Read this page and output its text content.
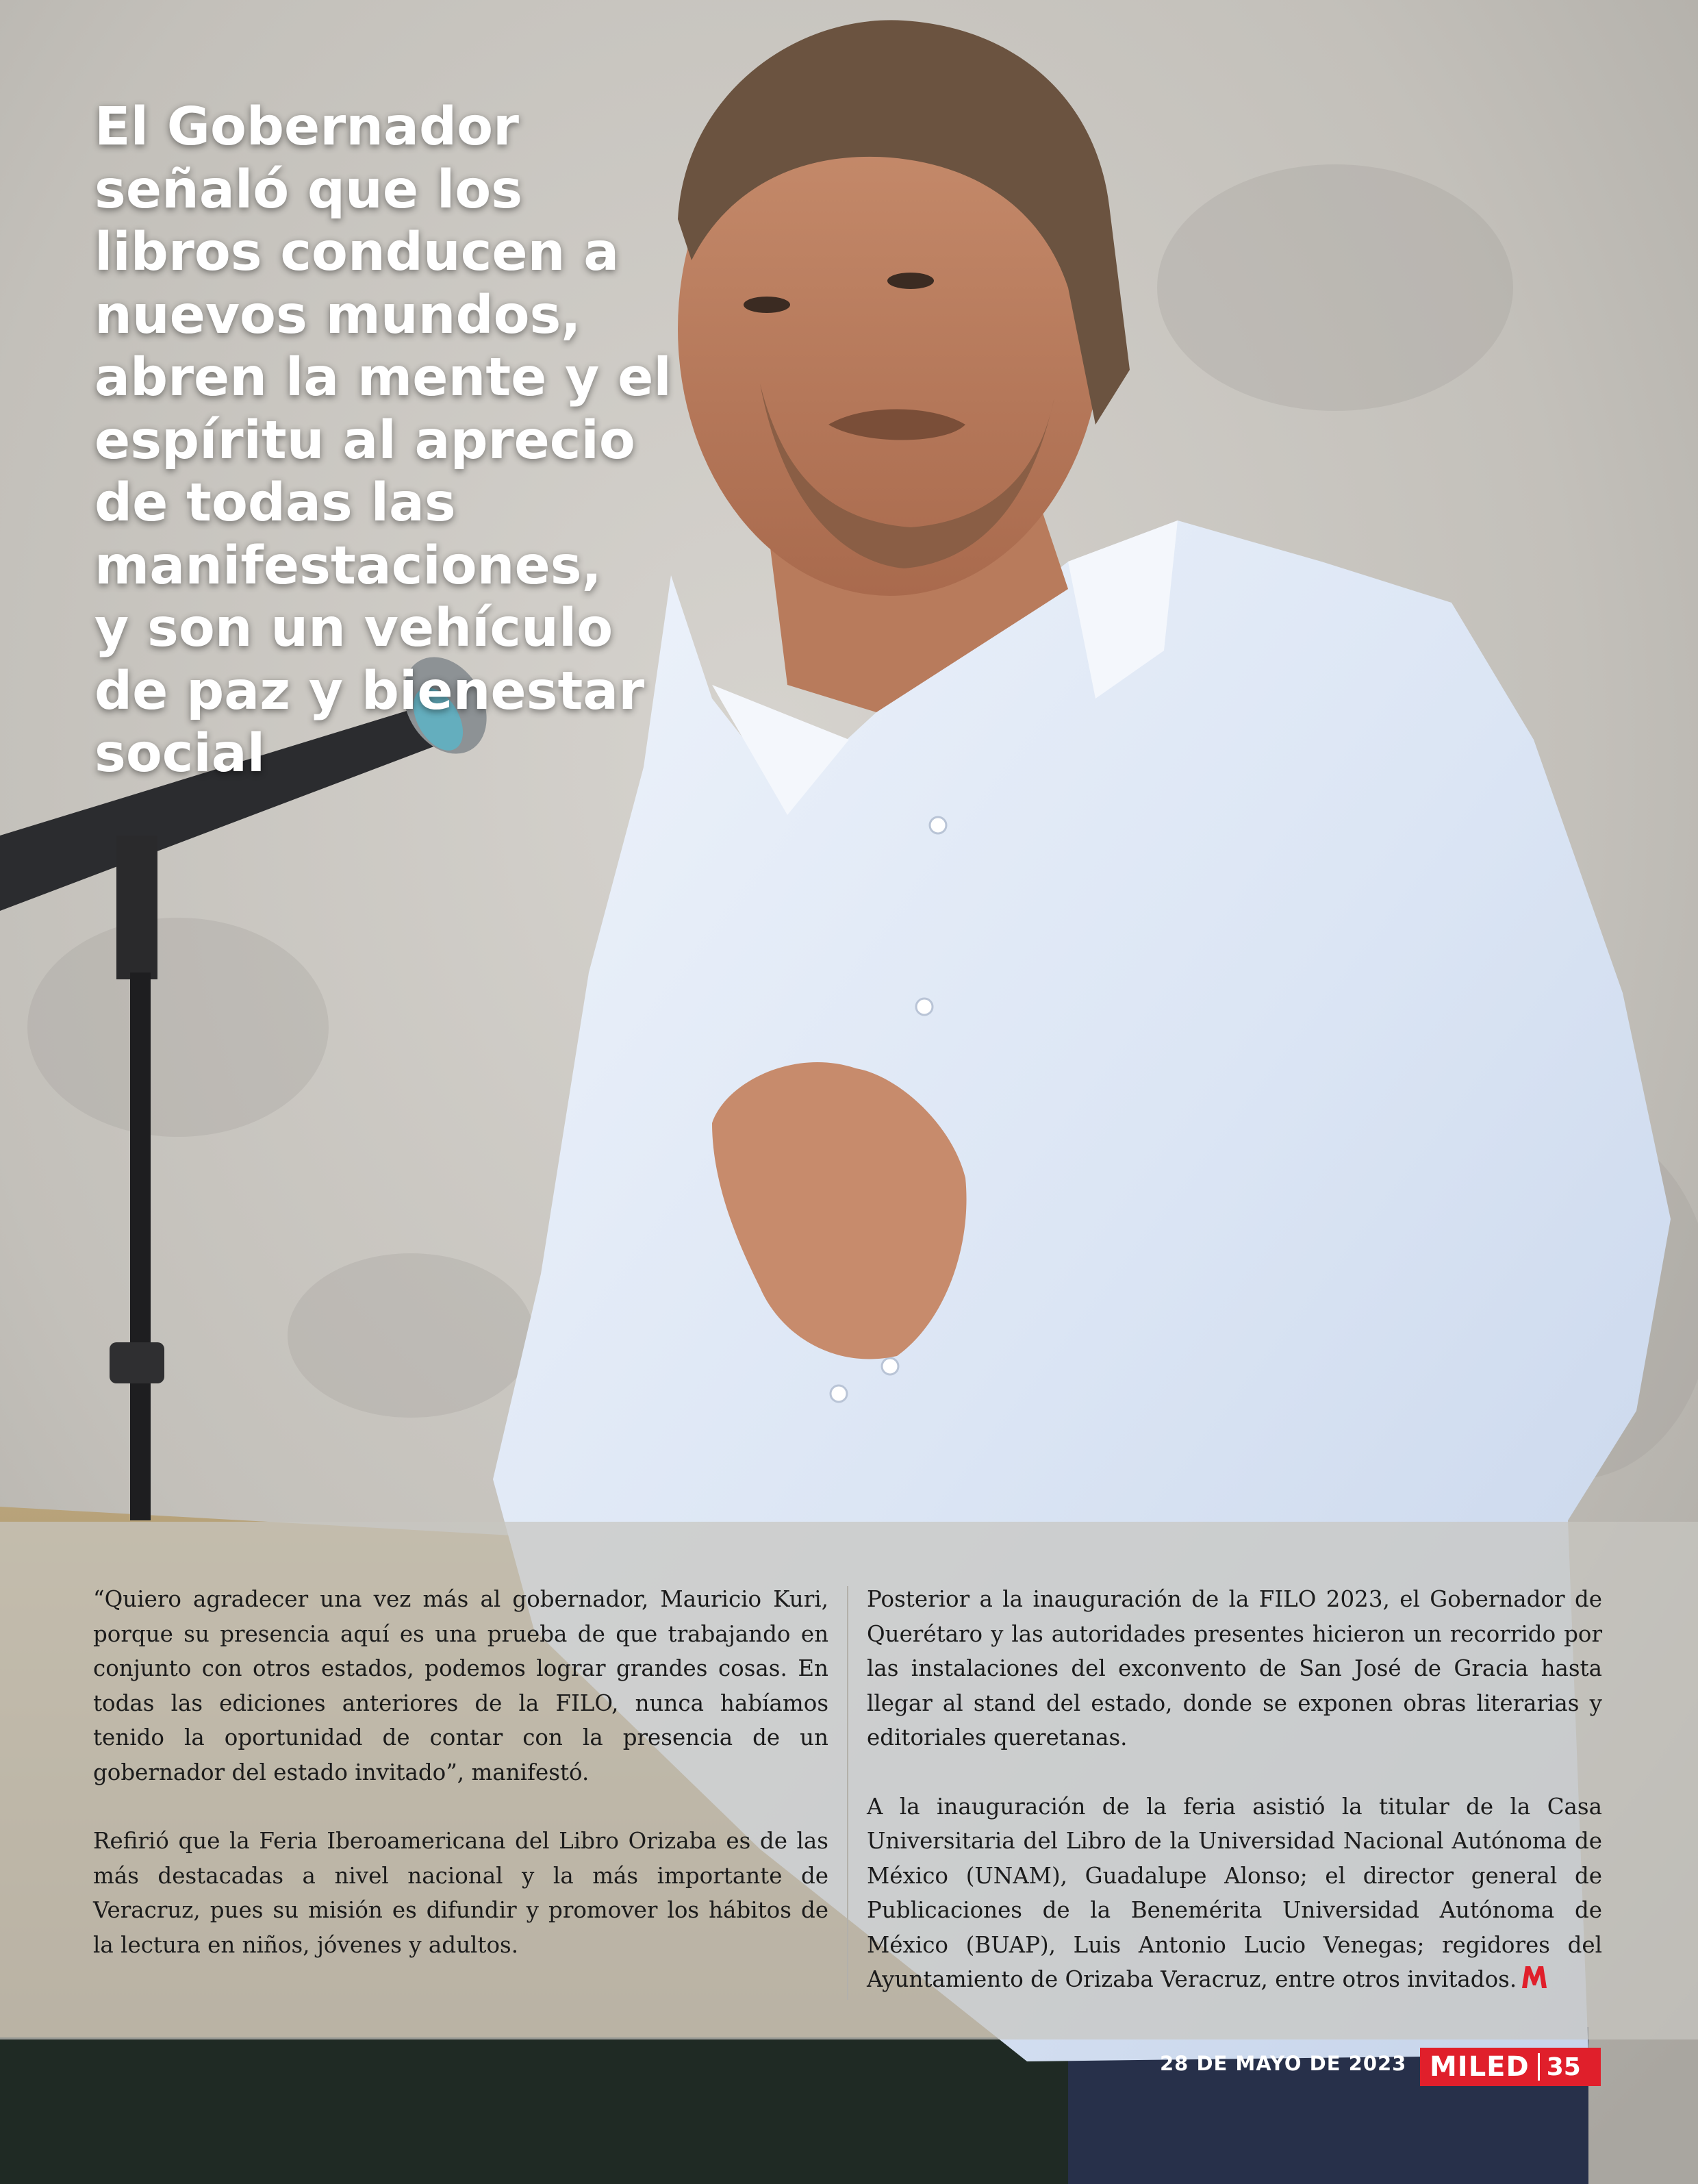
El Gobernador
señaló que los
libros conducen a
nuevos mundos,
abren la mente y el
espíritu al aprecio
de todas las
manifestaciones,
y son un vehículo
de paz y bienestar
social

“Quiero agradecer una vez más al gobernador, Mauricio Kuri, porque su presencia aquí es una prueba de que trabajando en conjunto con otros estados, podemos lograr grandes cosas. En todas las ediciones anteriores de la FILO, nunca habíamos tenido la oportunidad de contar con la presencia de un gobernador del estado invitado”, manifestó.

Refirió que la Feria Iberoamericana del Libro Orizaba es de las más destacadas a nivel nacional y la más importante de Veracruz, pues su misión es difundir y promover los hábitos de la lectura en niños, jóvenes y adultos.

Posterior a la inauguración de la FILO 2023, el Gobernador de Querétaro y las autoridades presentes hicieron un recorrido por las instalaciones del exconvento de San José de Gracia hasta llegar al stand del estado, donde se exponen obras literarias y editoriales queretanas.

A la inauguración de la feria asistió la titular de la Casa Universitaria del Libro de la Universidad Nacional Autónoma de México (UNAM), Guadalupe Alonso; el director general de Publicaciones de la Benemérita Universidad Autónoma de México (BUAP), Luis Antonio Lucio Venegas; regidores del Ayuntamiento de Orizaba Veracruz, entre otros invitados.

28 DE MAYO DE 2023 MILED 35
